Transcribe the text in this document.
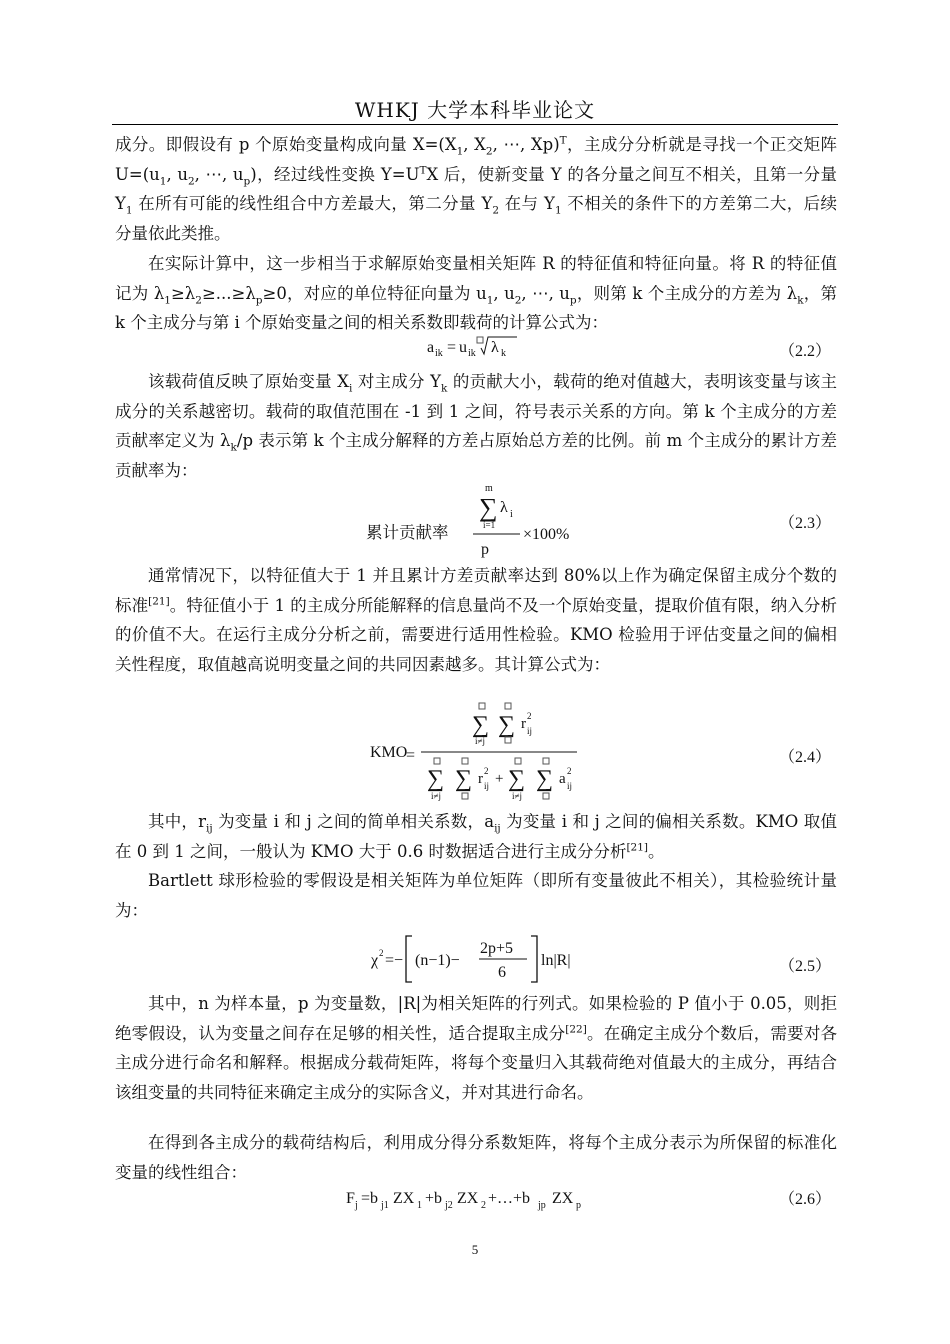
WHKJ 大学本科毕业论文

成分。即假设有 p 个原始变量构成向量 $X=(X_1$, $X_2$, ⋯, Xp)$^T$，主成分分析就是寻找一个正交矩阵 $U=(u_1$, $u_2$, ⋯, $u_p$)，经过线性变换 $Y=U^TX$ 后，使新变量 Y 的各分量之间互不相关，且第一分量 $Y_1$ 在所有可能的线性组合中方差最大，第二分量 $Y_2$ 在与 $Y_1$ 不相关的条件下的方差第二大，后续分量依此类推。

在实际计算中，这一步相当于求解原始变量相关矩阵 R 的特征值和特征向量。将 R 的特征值记为 $\lambda_1\ge\lambda_2\ge...\ge\lambda_p\ge 0$，对应的单位特征向量为 $u_1$, $u_2$, ⋯, $u_p$，则第 k 个主成分的方差为 $\lambda_k$，第 k 个主成分与第 i 个原始变量之间的相关系数即载荷的计算公式为：

a ik = u ik λ k	（2.2）

该载荷值反映了原始变量 $X_i$ 对主成分 $Y_k$ 的贡献大小，载荷的绝对值越大，表明该变量与该主成分的关系越密切。载荷的取值范围在 -1 到 1 之间，符号表示关系的方向。第 k 个主成分的方差贡献率定义为 $\lambda_k/p$ 表示第 k 个主成分解释的方差占原始总方差的比例。前 m 个主成分的累计方差贡献率为：

累计贡献率
m
∑ λ i
i=1
p
×100%
（2.3）

通常情况下，以特征值大于 1 并且累计方差贡献率达到 80%以上作为确定保留主成分个数的标准[21]。特征值小于 1 的主成分所能解释的信息量尚不及一个原始变量，提取价值有限，纳入分析的价值不大。在运行主成分分析之前，需要进行适用性检验。KMO 检验用于评估变量之间的偏相关性程度，取值越高说明变量之间的共同因素越多。其计算公式为：

KMO
=
∑ ∑ r 2
ij
i≠j
∑ ∑ r 2
ij + ∑ ∑ a 2
ij
i≠j	i≠j
（2.4）

其中，$r_{ij}$ 为变量 i 和 j 之间的简单相关系数，$a_{ij}$ 为变量 i 和 j 之间的偏相关系数。KMO 取值在 0 到 1 之间，一般认为 KMO 大于 0.6 时数据适合进行主成分分析[21]。

Bartlett 球形检验的零假设是相关矩阵为单位矩阵（即所有变量彼此不相关），其检验统计量为：

χ 2 =− (n−1)−
2p+5
6
ln|R|	（2.5）

其中，n 为样本量，p 为变量数，|R|为相关矩阵的行列式。如果检验的 P 值小于 0.05，则拒绝零假设，认为变量之间存在足够的相关性，适合提取主成分[22]。在确定主成分个数后，需要对各主成分进行命名和解释。根据成分载荷矩阵，将每个变量归入其载荷绝对值最大的主成分，再结合该组变量的共同特征来确定主成分的实际含义，并对其进行命名。

在得到各主成分的载荷结构后，利用成分得分系数矩阵，将每个主成分表示为所保留的标准化变量的线性组合：

F j =b j1 ZX 1 +b j2 ZX 2 +…+b jp ZX p	（2.6）
5
